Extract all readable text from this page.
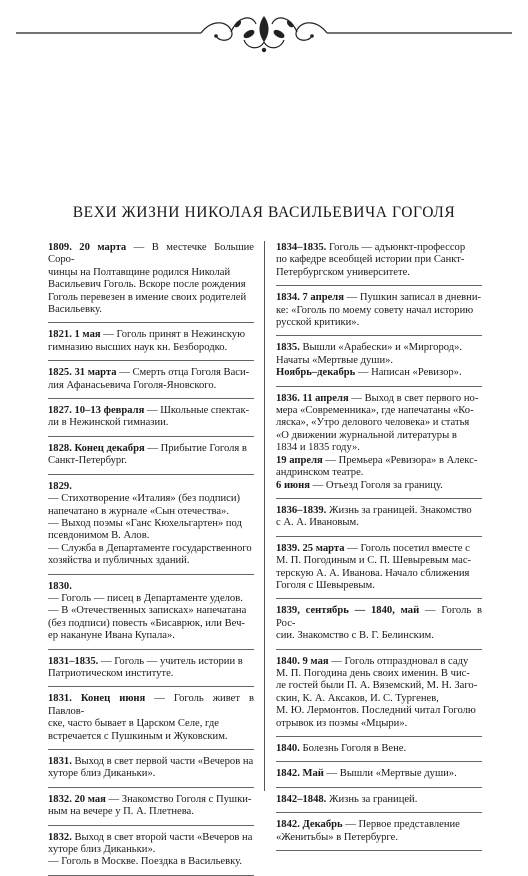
ВЕХИ ЖИЗНИ НИКОЛАЯ ВАСИЛЬЕВИЧА ГОГОЛЯ
1809. 20 марта — В местечке Большие Соро-
чинцы на Полтавщине родился Николай
Васильевич Гоголь. Вскоре после рождения
Гоголь перевезен в имение своих родителей
Васильевку.
1821. 1 мая — Гоголь принят в Нежинскую
гимназию высших наук кн. Безбородко.
1825. 31 марта — Смерть отца Гоголя Васи-
лия Афанасьевича Гоголя-Яновского.
1827. 10–13 февраля — Школьные спектак-
ли в Нежинской гимназии.
1828. Конец декабря — Прибытие Гоголя в
Санкт-Петербург.
1829.
— Стихотворение «Италия» (без подписи)
напечатано в журнале «Сын отечества».
— Выход поэмы «Ганс Кюхельгартен» под
псевдонимом В. Алов.
— Служба в Департаменте государственного
хозяйства и публичных зданий.
1830.
— Гоголь — писец в Департаменте уделов.
— В «Отечественных записках» напечатана
(без подписи) повесть «Бисаврюк, или Веч-
ер накануне Ивана Купала».
1831–1835. — Гоголь — учитель истории в
Патриотическом институте.
1831. Конец июня — Гоголь живет в Павлов-
ске, часто бывает в Царском Селе, где
встречается с Пушкиным и Жуковским.
1831. Выход в свет первой части «Вечеров на
хуторе близ Диканьки».
1832. 20 мая — Знакомство Гоголя с Пушки-
ным на вечере у П. А. Плетнева.
1832. Выход в свет второй части «Вечеров на
хуторе близ Диканьки».
— Гоголь в Москве. Поездка в Васильевку.
1834–1835. Гоголь — адъюнкт-профессор
по кафедре всеобщей истории при Санкт-
Петербургском университете.
1834. 7 апреля — Пушкин записал в дневни-
ке: «Гоголь по моему совету начал историю
русской критики».
1835. Вышли «Арабески» и «Миргород».
Начаты «Мертвые души».
Ноябрь–декабрь — Написан «Ревизор».
1836. 11 апреля — Выход в свет первого но-
мера «Современника», где напечатаны «Ко-
ляска», «Утро делового человека» и статья
«О движении журнальной литературы в
1834 и 1835 году».
19 апреля — Премьера «Ревизора» в Алекс-
андринском театре.
6 июня — Отъезд Гоголя за границу.
1836–1839. Жизнь за границей. Знакомство
с А. А. Ивановым.
1839. 25 марта — Гоголь посетил вместе с
М. П. Погодиным и С. П. Шевыревым мас-
терскую А. А. Иванова. Начало сближения
Гоголя с Шевыревым.
1839, сентябрь — 1840, май — Гоголь в Рос-
сии. Знакомство с В. Г. Белинским.
1840. 9 мая — Гоголь отпраздновал в саду
М. П. Погодина день своих именин. В чис-
ле гостей были П. А. Вяземский, М. Н. Заго-
скин, К. А. Аксаков, И. С. Тургенев,
М. Ю. Лермонтов. Последний читал Гоголю
отрывок из поэмы «Мцыри».
1840. Болезнь Гоголя в Вене.
1842. Май — Вышли «Мертвые души».
1842–1848. Жизнь за границей.
1842. Декабрь — Первое представление
«Женитьбы» в Петербурге.
